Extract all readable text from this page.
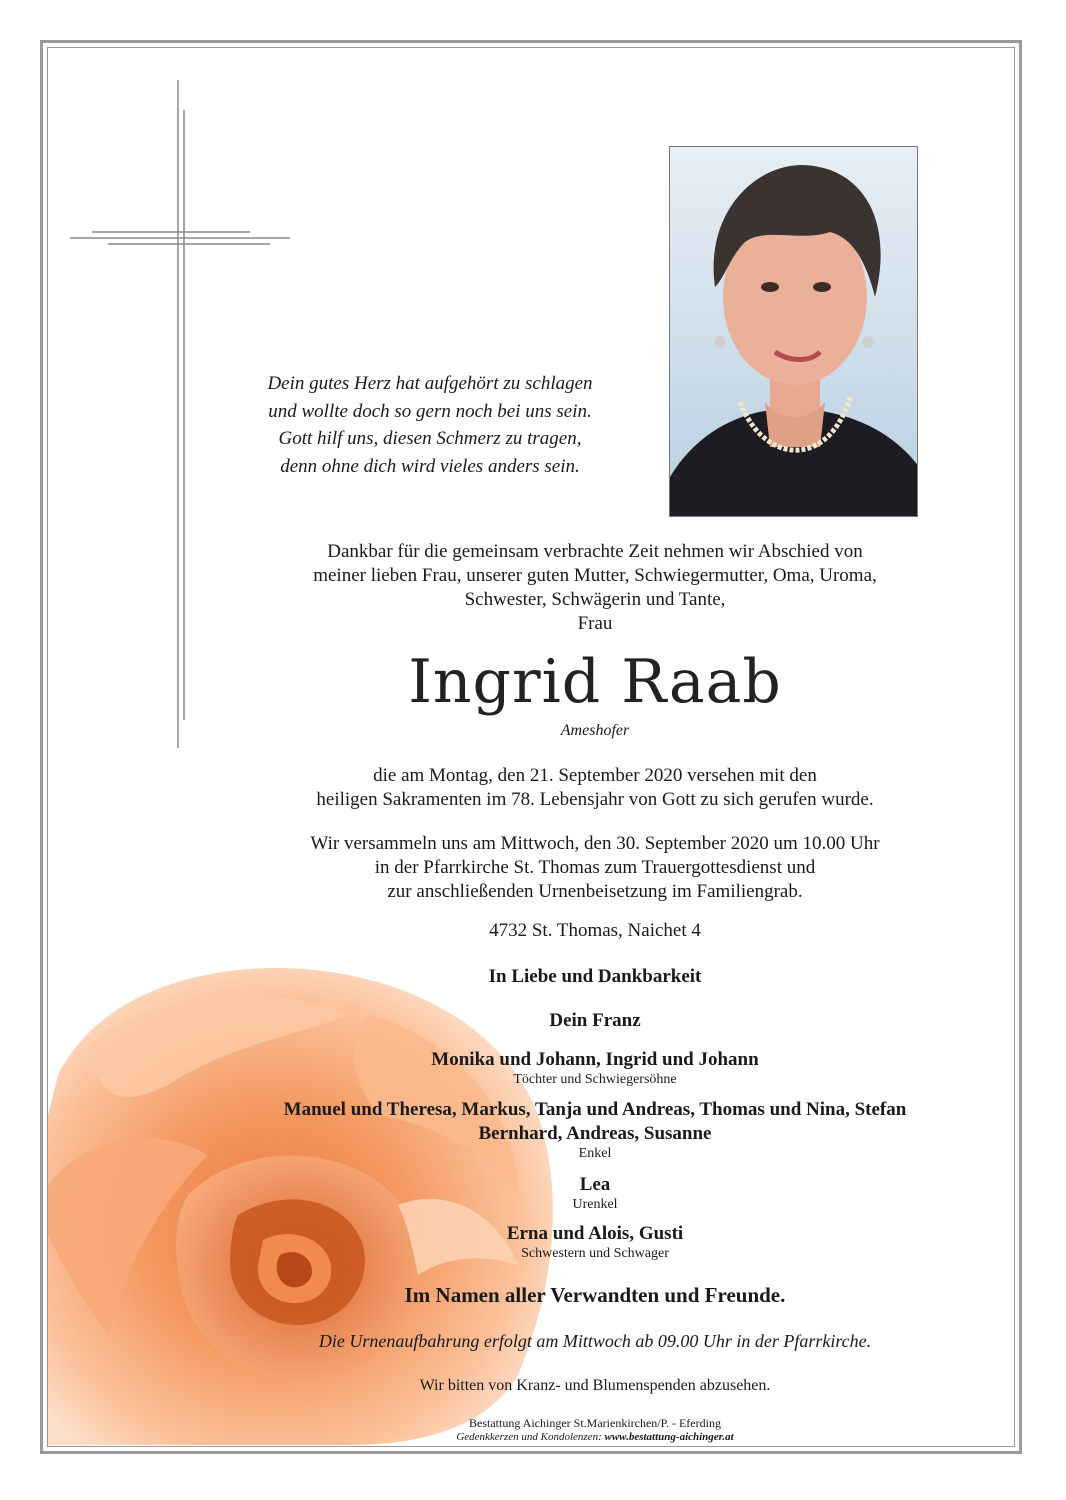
Dein gutes Herz hat aufgehört zu schlagen
und wollte doch so gern noch bei uns sein.
Gott hilf uns, diesen Schmerz zu tragen,
denn ohne dich wird vieles anders sein.
Dankbar für die gemeinsam verbrachte Zeit nehmen wir Abschied von
meiner lieben Frau, unserer guten Mutter, Schwiegermutter, Oma, Uroma,
Schwester, Schwägerin und Tante,
Frau
Ingrid Raab
Ameshofer
die am Montag, den 21. September 2020 versehen mit den
heiligen Sakramenten im 78. Lebensjahr von Gott zu sich gerufen wurde.
Wir versammeln uns am Mittwoch, den 30. September 2020 um 10.00 Uhr
in der Pfarrkirche St. Thomas zum Trauergottesdienst und
zur anschließenden Urnenbeisetzung im Familiengrab.
4732 St. Thomas, Naichet 4
In Liebe und Dankbarkeit
Dein Franz
Monika und Johann, Ingrid und Johann
Töchter und Schwiegersöhne
Manuel und Theresa, Markus, Tanja und Andreas, Thomas und Nina, Stefan
Bernhard, Andreas, Susanne
Enkel
Lea
Urenkel
Erna und Alois, Gusti
Schwestern und Schwager
Im Namen aller Verwandten und Freunde.
Die Urnenaufbahrung erfolgt am Mittwoch ab 09.00 Uhr in der Pfarrkirche.
Wir bitten von Kranz- und Blumenspenden abzusehen.
Bestattung Aichinger St.Marienkirchen/P. - Eferding
Gedenkkerzen und Kondolenzen: www.bestattung-aichinger.at
